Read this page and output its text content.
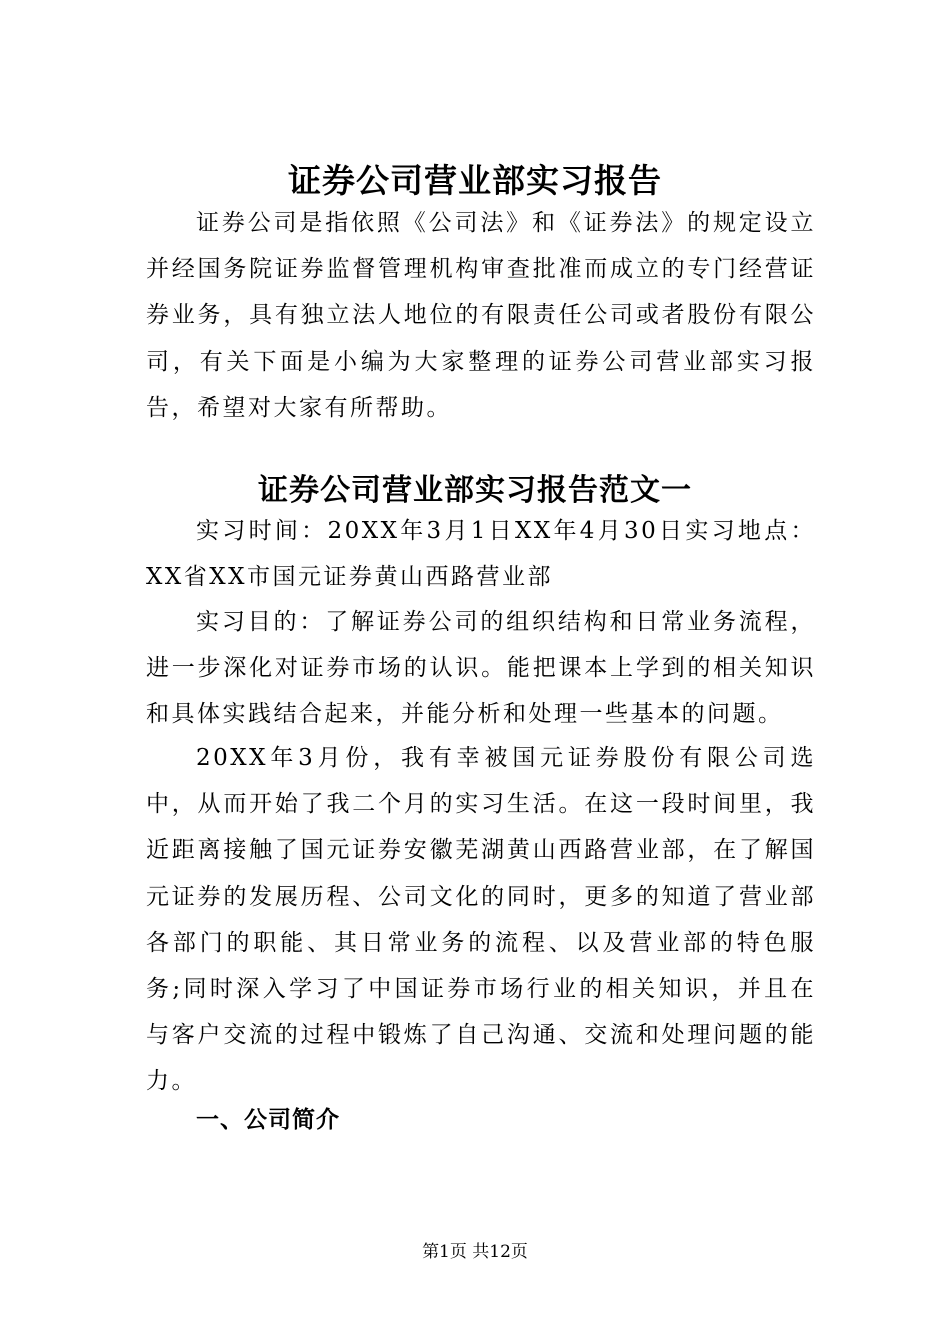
证券公司营业部实习报告

证券公司是指依照《公司法》和《证券法》的规定设立并经国务院证券监督管理机构审查批准而成立的专门经营证券业务，具有独立法人地位的有限责任公司或者股份有限公司，有关下面是小编为大家整理的证券公司营业部实习报告，希望对大家有所帮助。

证券公司营业部实习报告范文一

实习时间：20XX年3月1日XX年4月30日实习地点：XX省XX市国元证券黄山西路营业部

实习目的：了解证券公司的组织结构和日常业务流程，进一步深化对证券市场的认识。能把课本上学到的相关知识和具体实践结合起来，并能分析和处理一些基本的问题。

20XX年3月份，我有幸被国元证券股份有限公司选中，从而开始了我二个月的实习生活。在这一段时间里，我近距离接触了国元证券安徽芜湖黄山西路营业部，在了解国元证券的发展历程、公司文化的同时，更多的知道了营业部各部门的职能、其日常业务的流程、以及营业部的特色服务;同时深入学习了中国证券市场行业的相关知识，并且在与客户交流的过程中锻炼了自己沟通、交流和处理问题的能力。

一、公司简介
第1页 共12页
